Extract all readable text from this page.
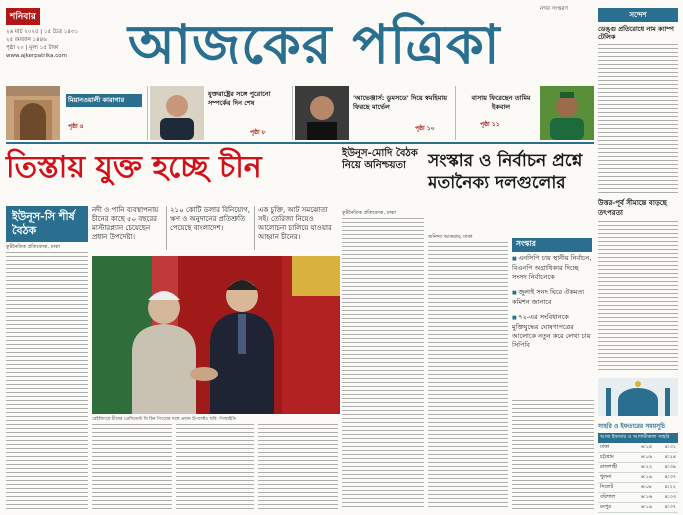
শনিবার
২৬ মার্চ ২০২৫ | ১৫ চৈত্র ১৪৩১
২৫ রমজান ১৪৪৬
পৃষ্ঠা ২০ | মূল্য ১৫ টাকা
www.ajkerpatrika.com	আজকের পত্রিকা
নগর সংস্করণ
সন্দেশ
ডেঙ্গু প্রতিরোধে নাম ক্যাম্প টেলিক
উত্তর-পূর্ব সীমান্তে বাড়ছে তৎপরতা
মিয়ানওয়ালী কারাগার
পৃষ্ঠা ৪
যুক্তরাষ্ট্রের সঙ্গে পুরোনো সম্পর্কের দিন শেষ
পৃষ্ঠা ৮
'আভেঞ্জার্স: ডুমসডে' দিয়ে স্বমহিমায় ফিরছে মার্ভেল
পৃষ্ঠা ১০
বাসায় ফিরেছেন তামিম ইকবাল
পৃষ্ঠা ১১
তিস্তায় যুক্ত হচ্ছে চীন
ইউনূস-সি শীর্ষ বৈঠক
কূটনৈতিক প্রতিবেদক, ঢাকা
নদী ও পানি ব্যবস্থাপনায় চীনের কাছে ৫০ বছরের মাস্টারপ্ল্যান চেয়েছেন প্রধান উপদেষ্টা।
২১০ কোটি ডলার বিনিয়োগ, ঋণ ও অনুদানের প্রতিশ্রুতি পেয়েছে বাংলাদেশ।
এক চুক্তি, আট সমঝোতা সই। তেরিজা নিয়েও আলোচনা চালিয়ে যাওয়ার আহ্বান চীনের।
বেইজিংয়ে চীনের প্রেসিডেন্ট সি চিন পিংয়ের সঙ্গে প্রধান উপদেষ্টা। ছবি: পিআইডি
ইউনূস-মোদি বৈঠক নিয়ে অনিশ্চয়তা
কূটনৈতিক প্রতিবেদক, ঢাকা
সংস্কার ও নির্বাচন প্রশ্নে মতানৈক্য দলগুলোর
অনিন্দ্য আকরাম, ঢাকা
সংস্কার
■ এনসিপি চায় স্থানীয় নির্বাচন, বিএনপি অগ্রাধিকার দিচ্ছে সংসদ নির্বাচনকে
■ জুলাই সনদ ঘিরে ঐকমত্য কমিশন জানাবে
■ ৭২-এর সংবিধানকে মুক্তিযুদ্ধের ঘোষণাপত্রের আলোকে নতুন করে লেখা চায় সিপিবি
সাহরি ও ইফতারের সময়সূচি
আজ ইফতার ও আগামীকাল সাহরি
ঢাকা	৬:১৫	৪:৩১
চট্টগ্রাম	৬:০৯	৪:২৪
রাজশাহী	৬:২২	৪:৩৯
খুলনা	৬:১৯	৪:৩৭
সিলেট	৬:০৮	৪:২২
বরিশাল	৬:১৬	৪:৩৩
রংপুর	৬:১৯	৪:৩৭
